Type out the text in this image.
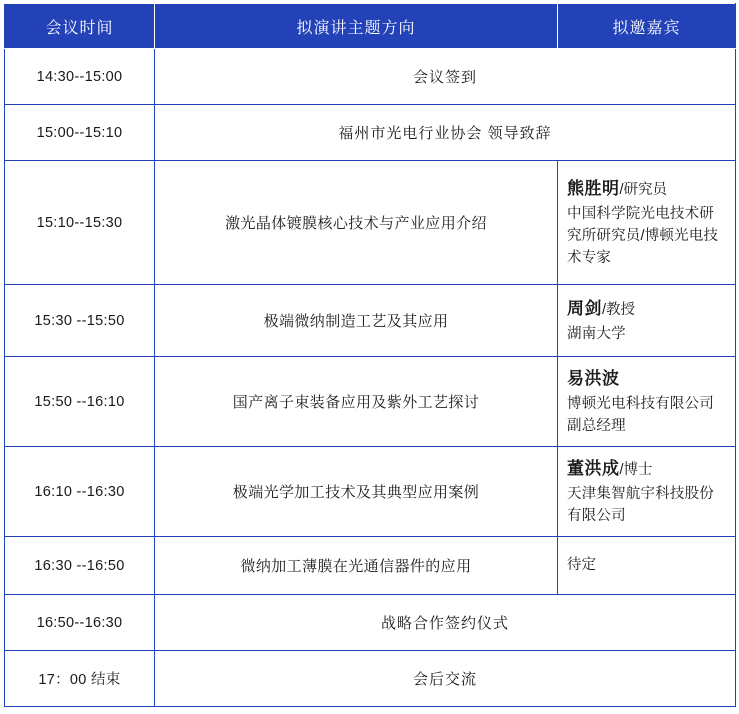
会议时间	拟演讲主题方向	拟邀嘉宾
14:30--15:00	会议签到	
15:00--15:10	福州市光电行业协会 领导致辞	
15:10--15:30	激光晶体镀膜核心技术与产业应用介绍	熊胜明/研究员
中国科学院光电技术研究所研究员/博顿光电技术专家

15:30 --15:50	极端微纳制造工艺及其应用	周剑/教授
湖南大学

15:50 --16:10	国产离子束装备应用及紫外工艺探讨	易洪波
博顿光电科技有限公司 副总经理

16:10 --16:30	极端光学加工技术及其典型应用案例	董洪成/博士
天津集智航宇科技股份有限公司

16:30 --16:50	微纳加工薄膜在光通信器件的应用	待定
16:50--16:30	战略合作签约仪式	
17：00 结束	会后交流	
